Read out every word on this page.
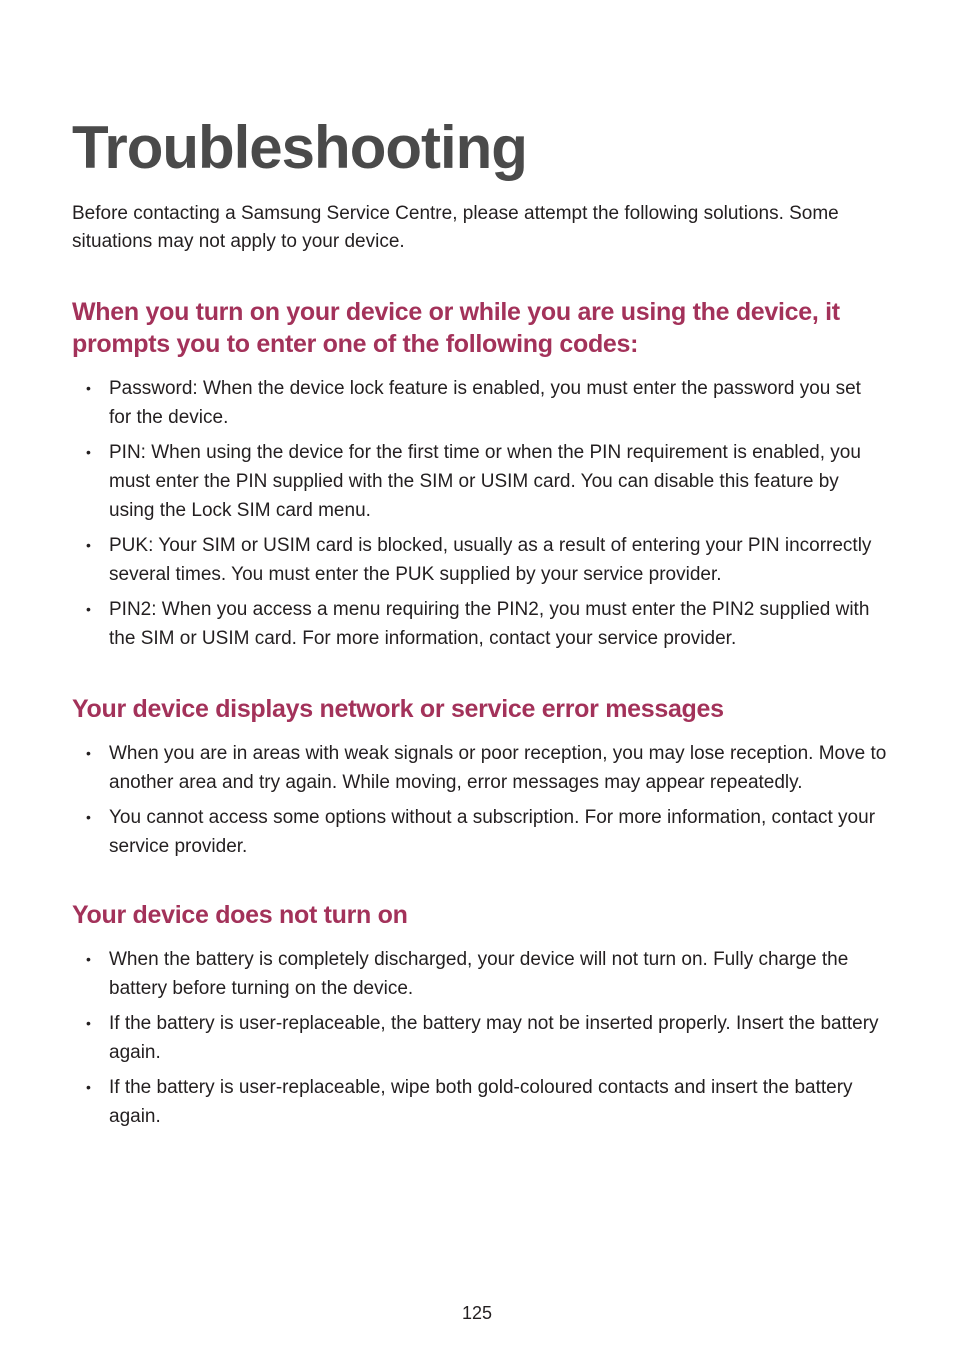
Troubleshooting

Before contacting a Samsung Service Centre, please attempt the following solutions. Some situations may not apply to your device.

When you turn on your device or while you are using the device, it prompts you to enter one of the following codes:
• Password: When the device lock feature is enabled, you must enter the password you set for the device.
• PIN: When using the device for the first time or when the PIN requirement is enabled, you must enter the PIN supplied with the SIM or USIM card. You can disable this feature by using the Lock SIM card menu.
• PUK: Your SIM or USIM card is blocked, usually as a result of entering your PIN incorrectly several times. You must enter the PUK supplied by your service provider.
• PIN2: When you access a menu requiring the PIN2, you must enter the PIN2 supplied with the SIM or USIM card. For more information, contact your service provider.
Your device displays network or service error messages
• When you are in areas with weak signals or poor reception, you may lose reception. Move to another area and try again. While moving, error messages may appear repeatedly.
• You cannot access some options without a subscription. For more information, contact your service provider.
Your device does not turn on
• When the battery is completely discharged, your device will not turn on. Fully charge the battery before turning on the device.
• If the battery is user-replaceable, the battery may not be inserted properly. Insert the battery again.
• If the battery is user-replaceable, wipe both gold-coloured contacts and insert the battery again.
125
